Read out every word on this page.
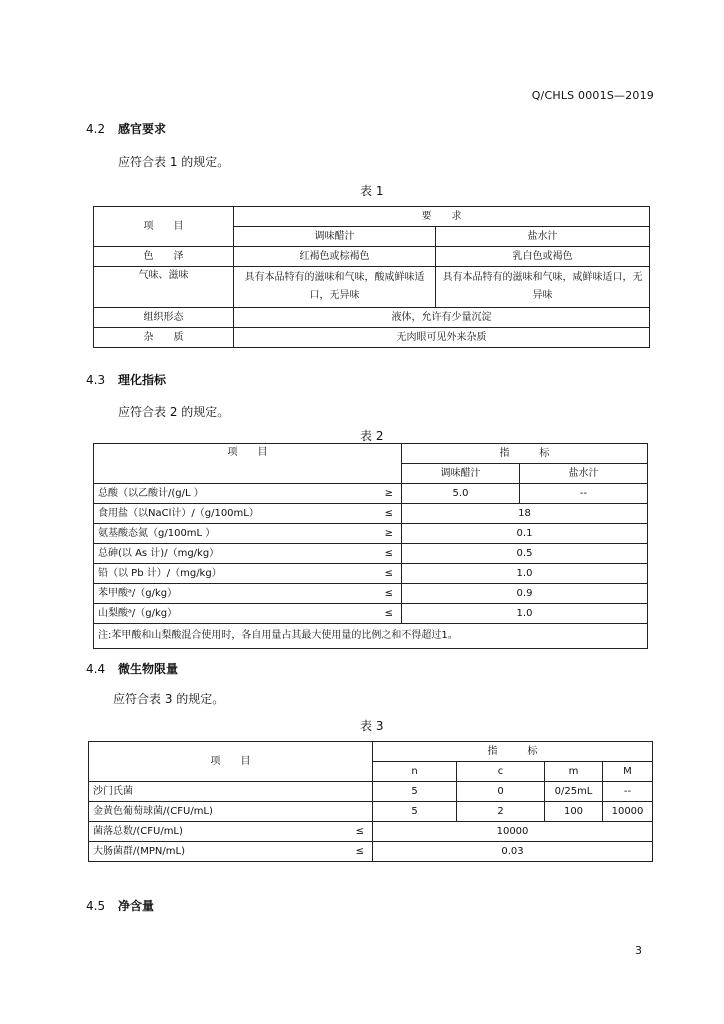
Q/CHLS 0001S—2019
4.2 感官要求
应符合表 1 的规定。
表 1
项　　目	要　　求	
	调味醋汁	盐水汁
色　　泽	红褐色或棕褐色	乳白色或褐色
气味、滋味	具有本品特有的滋味和气味，酸咸鲜味适口，无异味	具有本品特有的滋味和气味，咸鲜味适口，无异味
组织形态	液体，允许有少量沉淀	
杂　　质	无肉眼可见外来杂质	
4.3 理化指标
应符合表 2 的规定。
表 2
项　　目		指　　　标	
		调味醋汁	盐水汁
总酸（以乙酸计/(g/L ）	≥	5.0	--
食用盐（以NaCl计）/（g/100mL）	≤	18	
氨基酸态氮（g/100mL ）	≥	0.1	
总砷(以 As 计)/（mg/kg）	≤	0.5	
铅（以 Pb 计）/（mg/kg）	≤	1.0	
苯甲酸ᵃ/（g/kg）	≤	0.9	
山梨酸ᵃ/（g/kg）	≤	1.0	
注:苯甲酸和山梨酸混合使用时，各自用量占其最大使用量的比例之和不得超过1。			
4.4 微生物限量
应符合表 3 的规定。
表 3
项　　目		指　　　标			
		n	c	m	M
沙门氏菌		5	0	0/25mL	--
金黄色葡萄球菌/(CFU/mL)		5	2	100	10000
菌落总数/(CFU/mL)	≤	10000			
大肠菌群/(MPN/mL)	≤	0.03			
4.5 净含量
3
